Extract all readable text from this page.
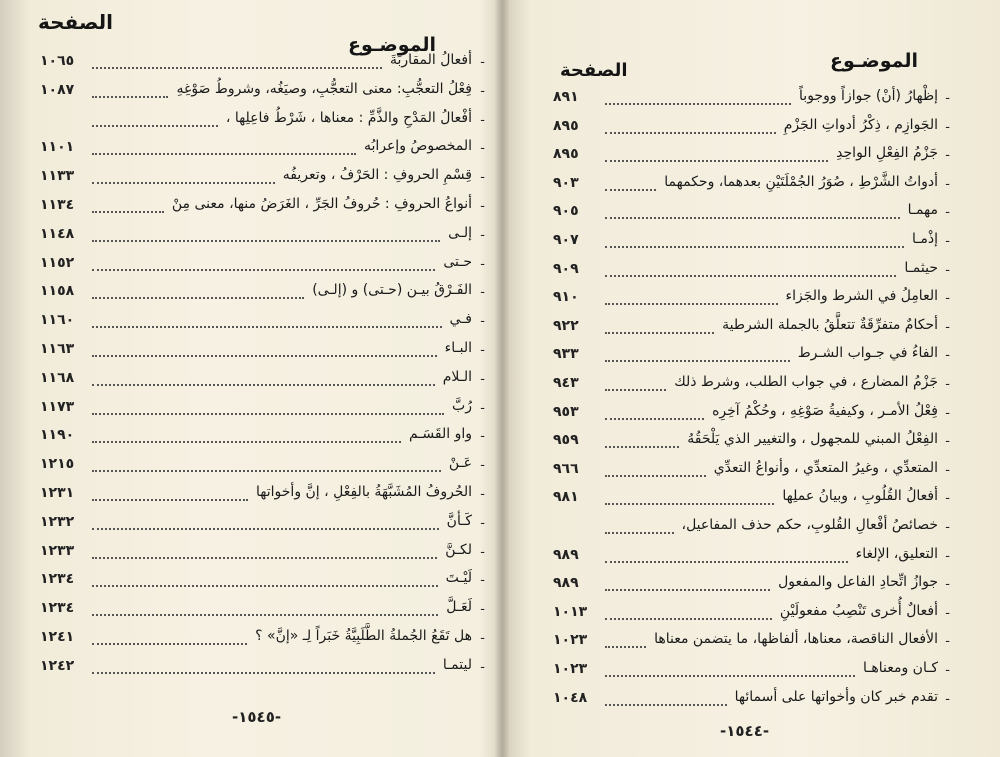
الصفحة
الموضـوع
-
أفعالُ المقاربَةَ
١٠٦٥
-
فِعْلُ التعجُّبِ: معنى التعجُّبِ، وصيَغُه، وشروطُ صَوْغِهِ
١٠٨٧
-
أفْعالُ المَدْحِ والذَّمِّ : معناها ، شَرْطُ فاعِلِها ،
-
المخصوصُ وإعرابُه
١١٠١
-
قِسْمِ الحروفِ : الحَرْفُ ، وتعريفُه
١١٣٣
-
أنواعُ الحروفِ : حُروفُ الجَرِّ ، الغَرَضُ منها، معنى مِنْ
١١٣٤
-
إلـى
١١٤٨
-
حـتى
١١٥٢
-
الفَـرْقُ بيـن (حـتى) و (إلـى)
١١٥٨
-
فـي
١١٦٠
-
البـاء
١١٦٣
-
الـلام
١١٦٨
-
رُبَّ
١١٧٣
-
واو القَسَـم
١١٩٠
-
عَـنْ
١٢١٥
-
الحُروفُ المُشَبَّهَةُ بالفِعْلِ ، إنَّ وأخواتها
١٢٣١
-
كَـأنَّ
١٢٣٢
-
لكـنَّ
١٢٣٣
-
لَيْـتَ
١٢٣٤
-
لَعَـلَّ
١٢٣٤
-
هل تَقَعُ الجُملةُ الطَّلَبِيَّةُ خَبَراً لِـ «إنَّ» ؟
١٢٤١
-
ليتمـا
١٢٤٢
-١٥٤٥-
الموضـوع
الصفحة
-
إظْهارُ (أنْ) جوازاً ووجوباً
٨٩١
-
الجَوازِم ، ذِكْرُ أدواتِ الجَزْمِ
٨٩٥
-
جَزْمُ الفِعْلِ الواحِدِ
٨٩٥
-
أدواتُ الشَّرْطِ ، صُوَرُ الجُمْلَتَيْنِ بعدهما، وحكمهما
٩٠٣
-
مهمـا
٩٠٥
-
إذْمـا
٩٠٧
-
حيثمـا
٩٠٩
-
العامِلُ في الشرط والجَزاء
٩١٠
-
أحكامٌ متفرِّقَةٌ تتعلَّقُ بالجملة الشرطية
٩٢٢
-
الفاءُ في جـواب الشـرط
٩٣٣
-
جَزْمُ المضارع ، في جواب الطلب، وشرط ذلك
٩٤٣
-
فِعْلُ الأمـر ، وكيفيةُ صَوْغِهِ ، وحُكْمُ آخِرِه
٩٥٣
-
الفِعْلُ المبني للمجهول ، والتغيير الذي يَلْحَقُهُ
٩٥٩
-
المتعدِّي ، وغيرُ المتعدِّي ، وأنواعُ التعدِّي
٩٦٦
-
أفعالُ القُلُوبِ ، وبيانُ عملِها
٩٨١
-
خصائصُ أفْعالِ القُلوبِ، حكم حذف المفاعيل،
-
التعليق، الإلغاء
٩٨٩
-
جوازُ اتِّحادِ الفاعل والمفعول
٩٨٩
-
أفعالٌ أُخرى تَنْصِبُ مفعولَيْنِ
١٠١٣
-
الأفعال الناقصة، معناها، ألفاظها، ما يتضمن معناها
١٠٢٣
-
كـان ومعناهـا
١٠٢٣
-
تقدم خبر كان وأخواتها على أسمائها
١٠٤٨
-١٥٤٤-
